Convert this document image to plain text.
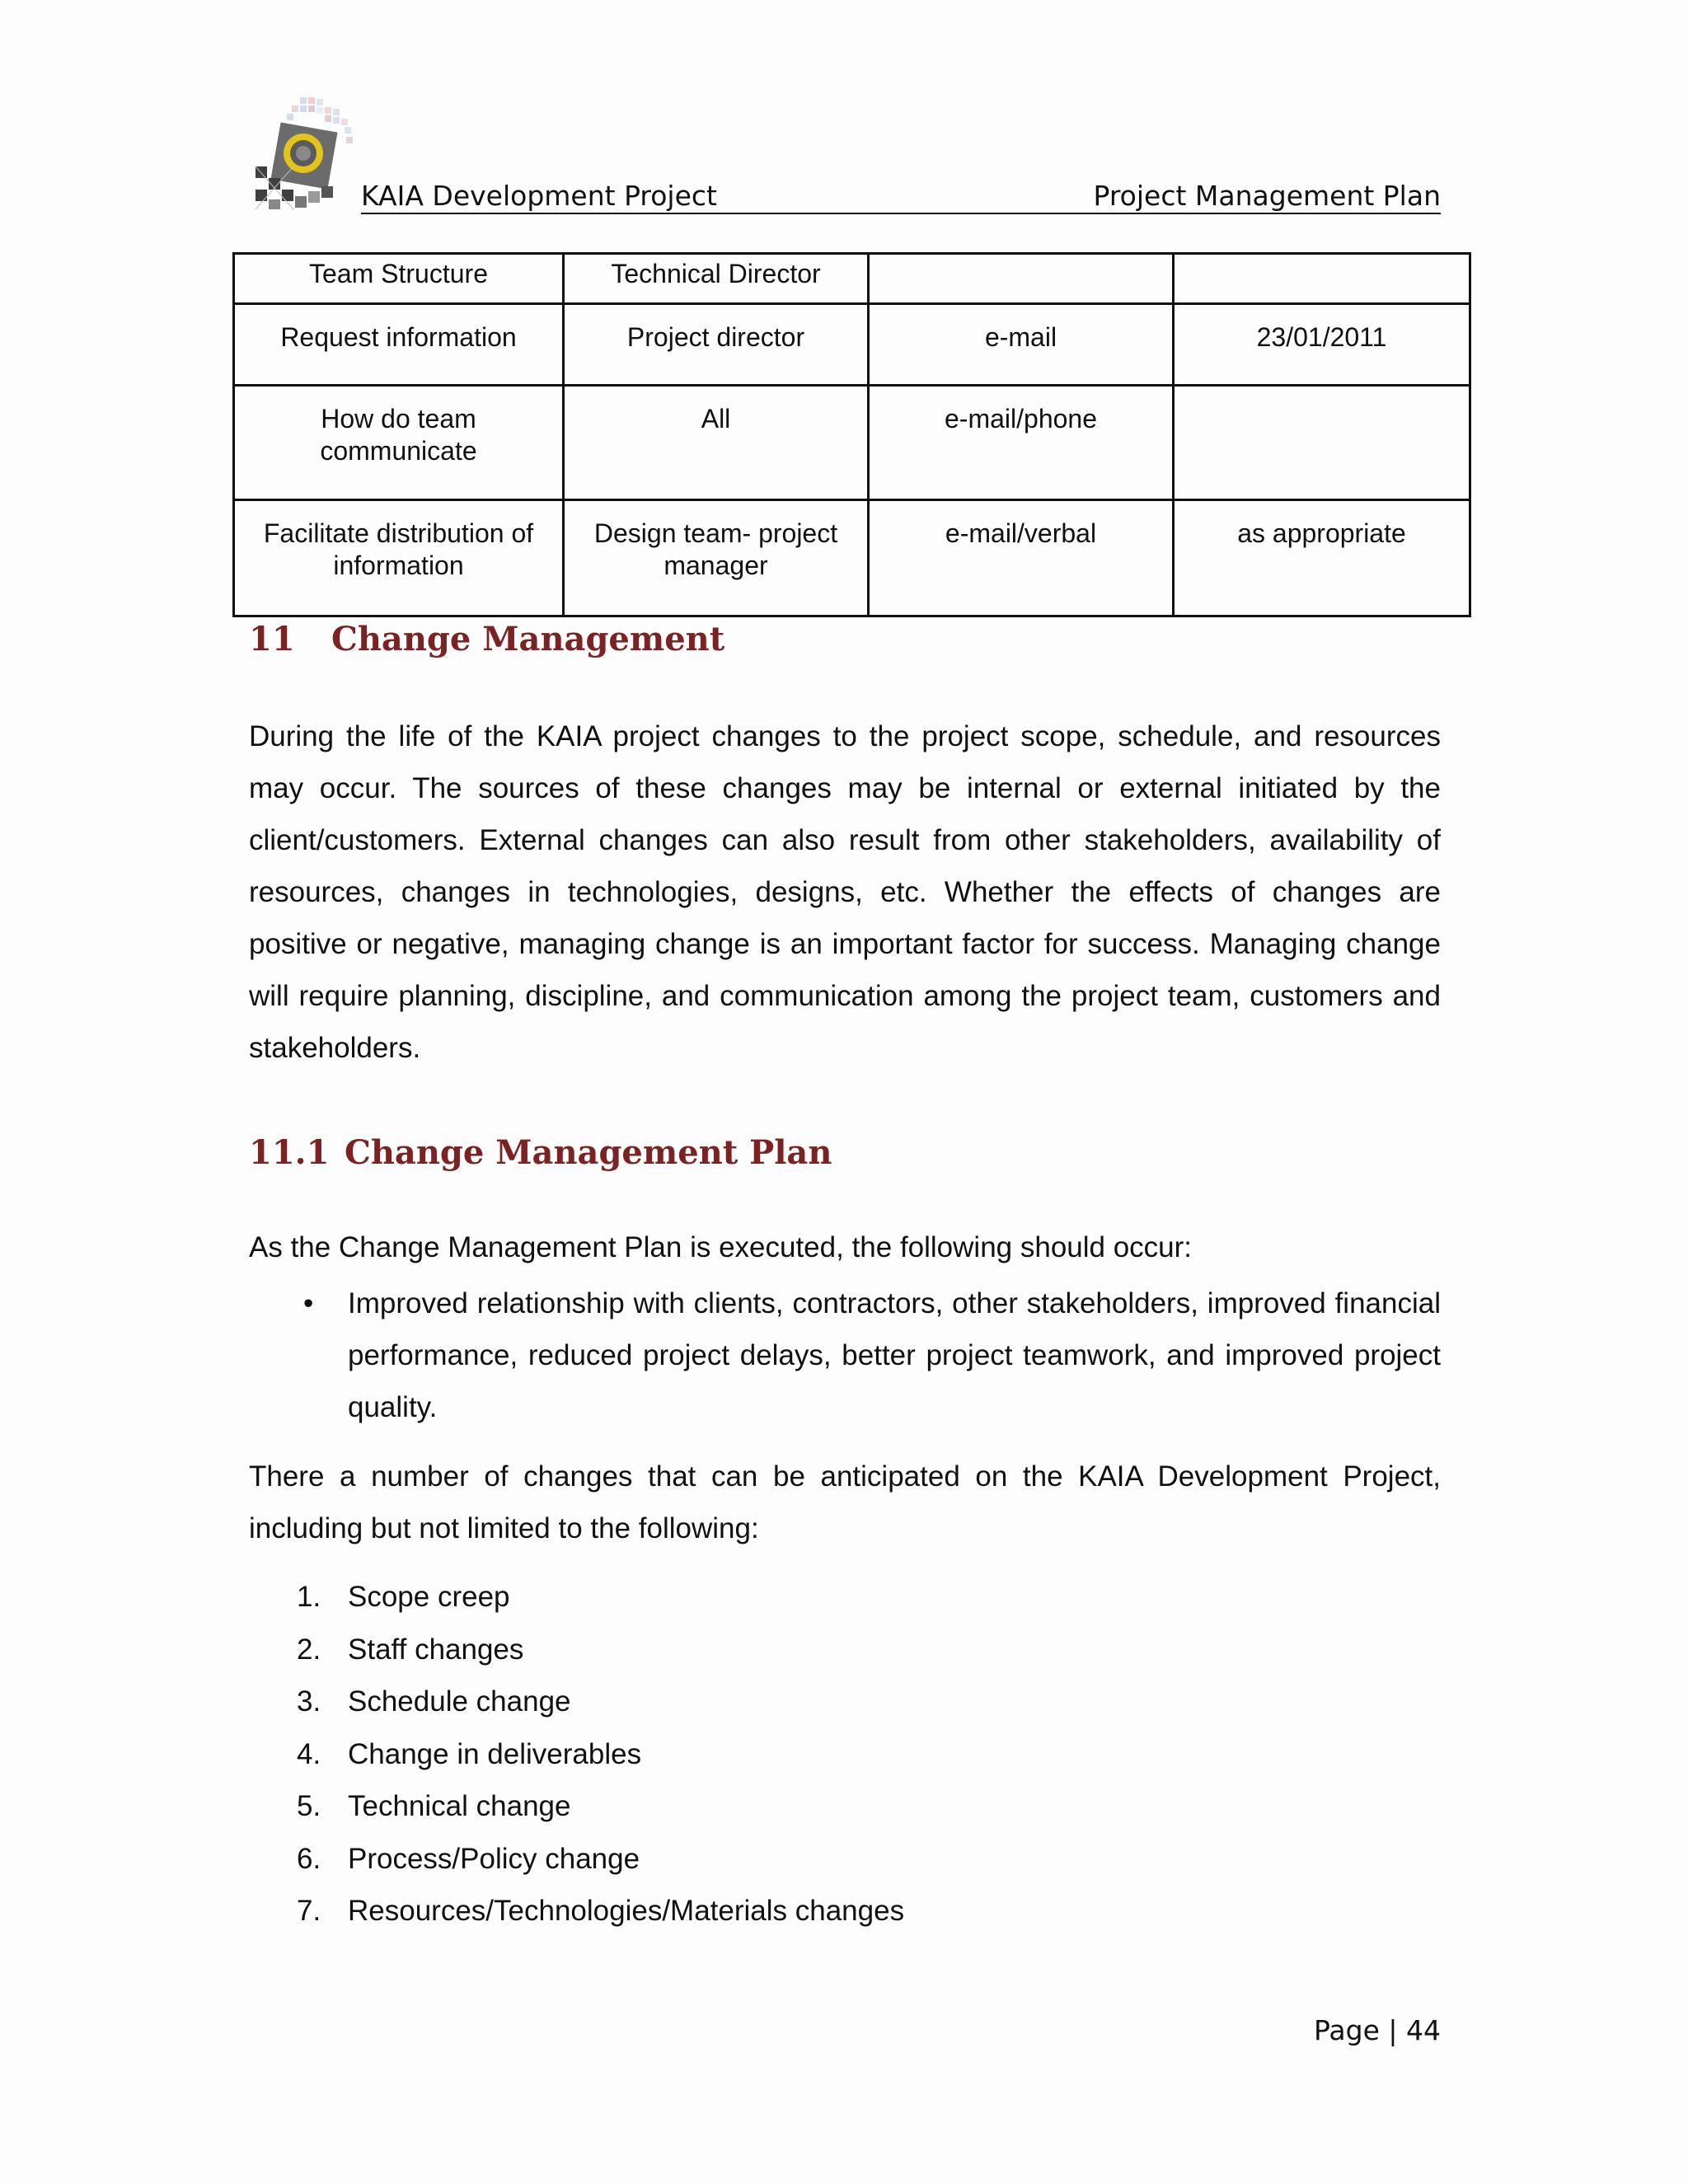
KAIA Development Project	Project Management Plan
Team Structure	Technical Director		
Request information	Project director	e-mail	23/01/2011
How do team communicate	All	e-mail/phone	
Facilitate distribution of information	Design team- project manager	e-mail/verbal	as appropriate
11 Change Management

During the life of the KAIA project changes to the project scope, schedule, and resources may occur. The sources of these changes may be internal or external initiated by the client/customers. External changes can also result from other stakeholders, availability of resources, changes in technologies, designs, etc. Whether the effects of changes are positive or negative, managing change is an important factor for success. Managing change will require planning, discipline, and communication among the project team, customers and stakeholders.

11.1 Change Management Plan

As the Change Management Plan is executed, the following should occur:

• Improved relationship with clients, contractors, other stakeholders, improved financial performance, reduced project delays, better project teamwork, and improved project quality.

There a number of changes that can be anticipated on the KAIA Development Project, including but not limited to the following:

1. Scope creep
2. Staff changes
3. Schedule change
4. Change in deliverables
5. Technical change
6. Process/Policy change
7. Resources/Technologies/Materials changes
Page | 44
